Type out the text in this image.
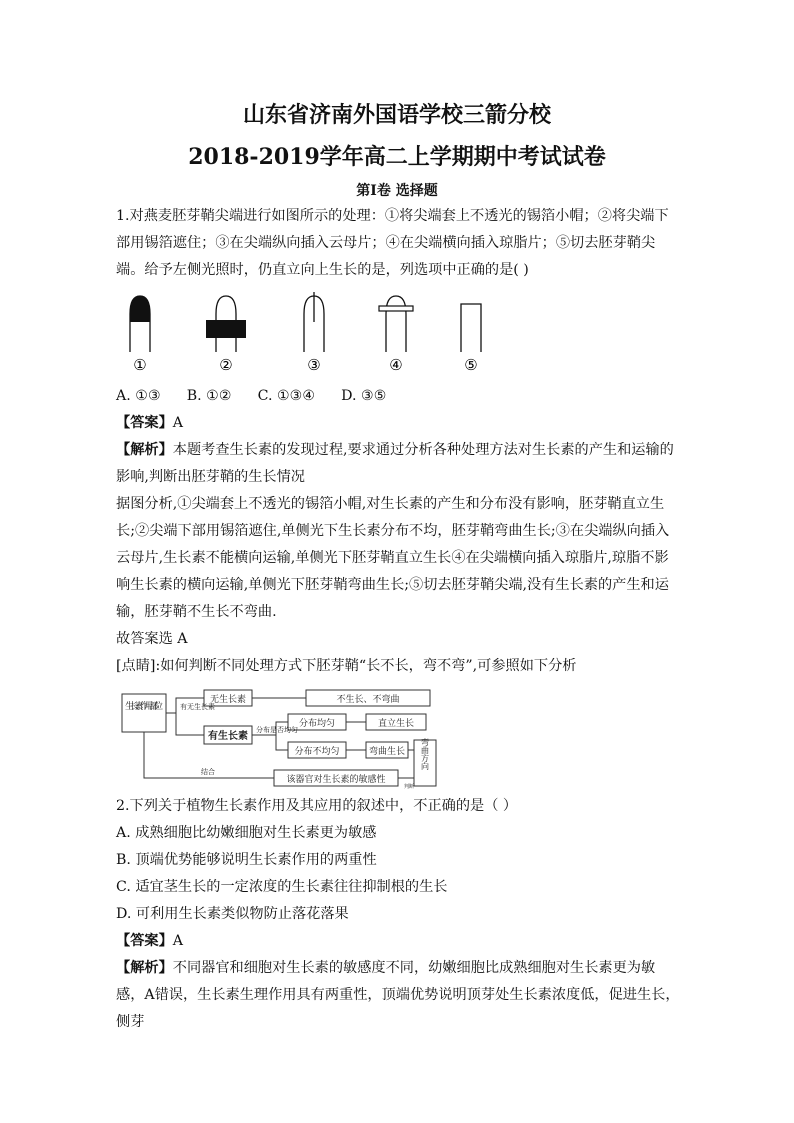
山东省济南外国语学校三箭分校
2018-2019学年高二上学期期中考试试卷
第Ⅰ卷 选择题
1.对燕麦胚芽鞘尖端进行如图所示的处理：①将尖端套上不透光的锡箔小帽；②将尖端下部用锡箔遮住；③在尖端纵向插入云母片；④在尖端横向插入琼脂片；⑤切去胚芽鞘尖端。给予左侧光照时，仍直立向上生长的是，列选项中正确的是( )
①	②	③	④	⑤
A. ①③ B. ①② C. ①③④ D. ③⑤
【答案】A
【解析】本题考查生长素的发现过程,要求通过分析各种处理方法对生长素的产生和运输的影响,判断出胚芽鞘的生长情况
据图分析,①尖端套上不透光的锡箔小帽,对生长素的产生和分布没有影响，胚芽鞘直立生长;②尖端下部用锡箔遮住,单侧光下生长素分布不均，胚芽鞘弯曲生长;③在尖端纵向插入云母片,生长素不能横向运输,单侧光下胚芽鞘直立生长④在尖端横向插入琼脂片,琼脂不影响生长素的横向运输,单侧光下胚芽鞘弯曲生长;⑤切去胚芽鞘尖端,没有生长素的产生和运输，胚芽鞘不生长不弯曲.
故答案选 A
[点睛]:如何判断不同处理方式下胚芽鞘“长不长，弯不弯”,可参照如下分析
生长素作用部位 有无生长素
无生长素	不生长、不弯曲
有生长素
分布是否均匀
分布均匀	直立生长
分布不均匀	弯曲生长
结合
该器官对生长素的敏感性
弯曲方向
判断
2.下列关于植物生长素作用及其应用的叙述中，不正确的是（ ）
A. 成熟细胞比幼嫩细胞对生长素更为敏感
B. 顶端优势能够说明生长素作用的两重性
C. 适宜茎生长的一定浓度的生长素往往抑制根的生长
D. 可利用生长素类似物防止落花落果
【答案】A
【解析】不同器官和细胞对生长素的敏感度不同，幼嫩细胞比成熟细胞对生长素更为敏感，A错误，生长素生理作用具有两重性，顶端优势说明顶芽处生长素浓度低，促进生长，侧芽
